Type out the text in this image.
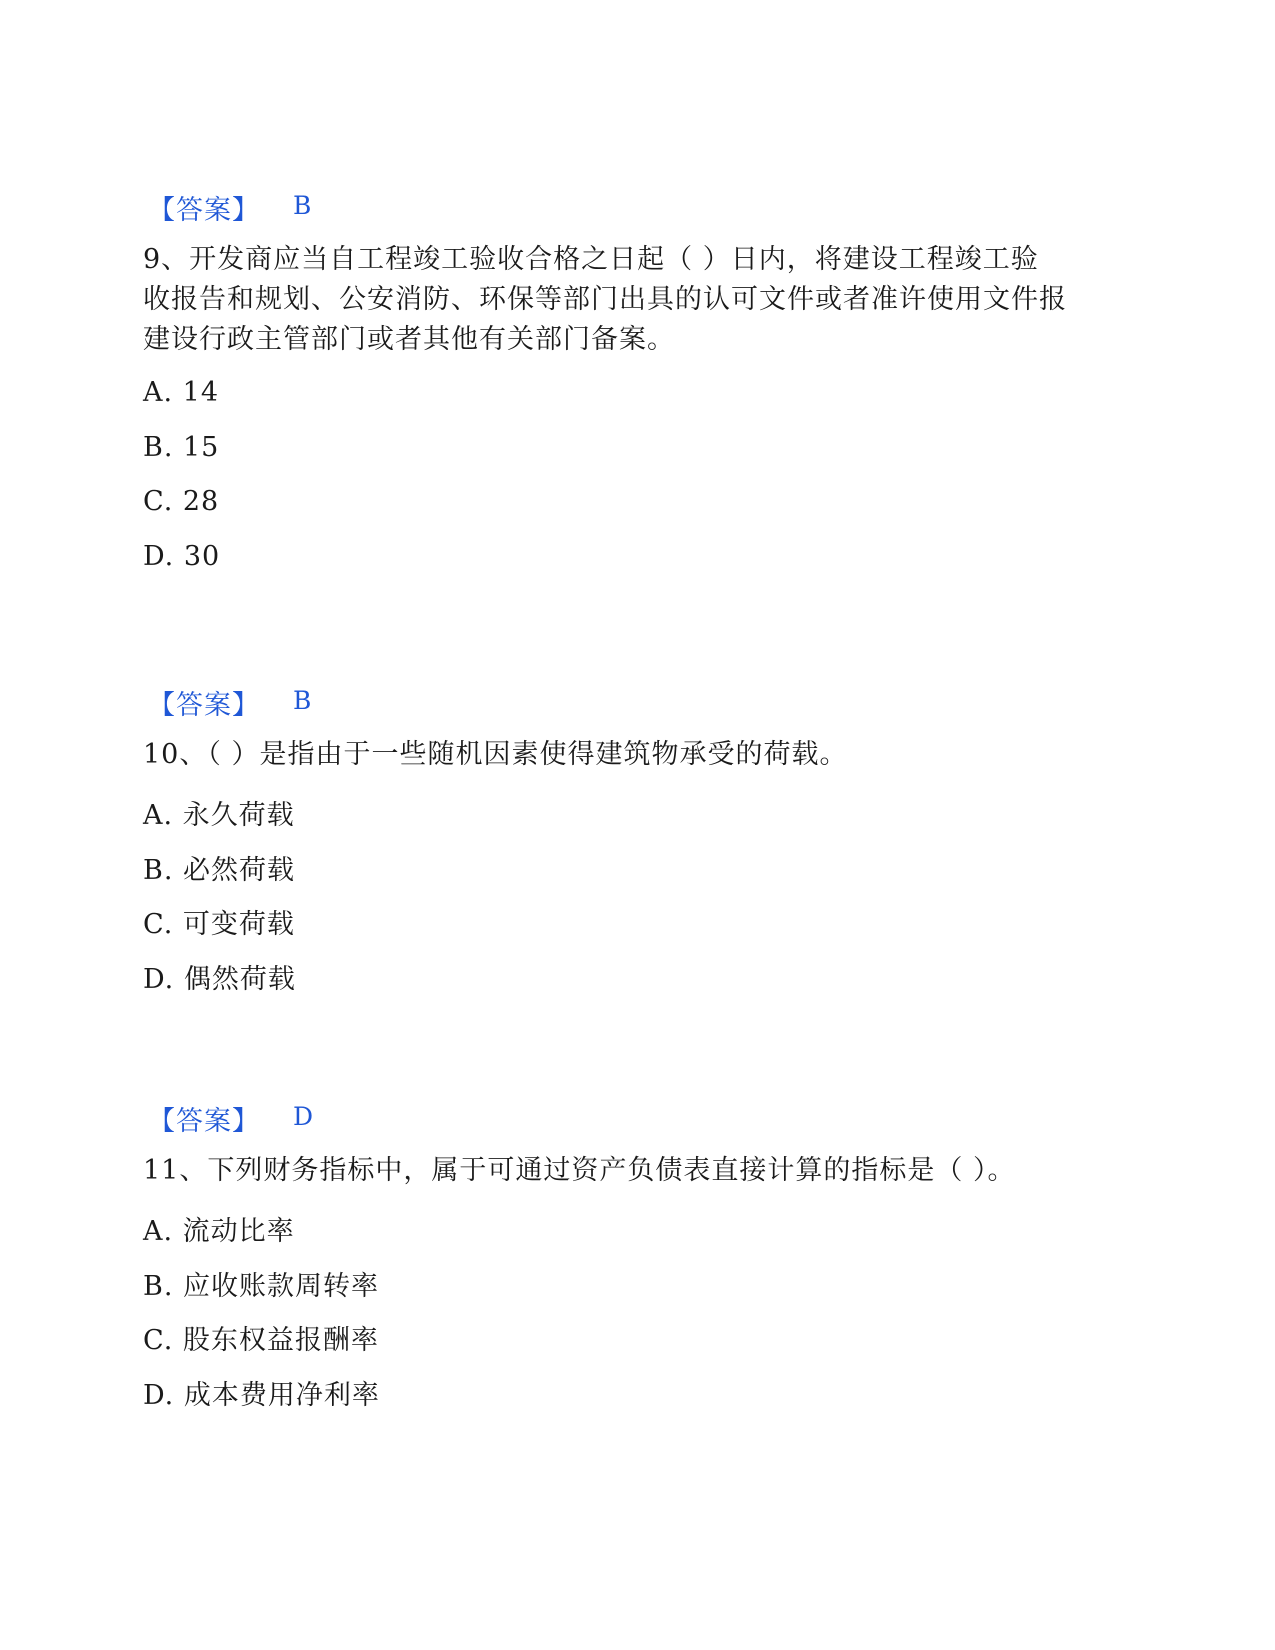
【答案】 B
9、开发商应当自工程竣工验收合格之日起（ ）日内，将建设工程竣工验
收报告和规划、公安消防、环保等部门出具的认可文件或者准许使用文件报
建设行政主管部门或者其他有关部门备案。
A. 14
B. 15
C. 28
D. 30
【答案】 B
10、（ ）是指由于一些随机因素使得建筑物承受的荷载。
A. 永久荷载
B. 必然荷载
C. 可变荷载
D. 偶然荷载
【答案】 D
11、下列财务指标中，属于可通过资产负债表直接计算的指标是（ ）。
A. 流动比率
B. 应收账款周转率
C. 股东权益报酬率
D. 成本费用净利率
